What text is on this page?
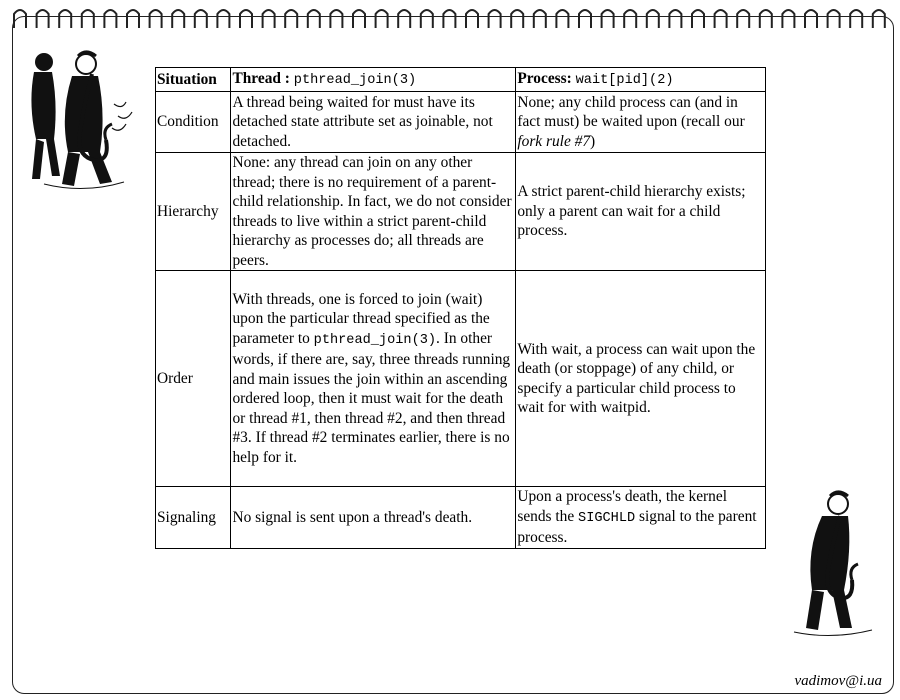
Situation	Thread : pthread_join(3)	Process: wait[pid](2)
Condition	A thread being waited for must have its detached state attribute set as joinable, not detached.	None; any child process can (and in fact must) be waited upon (recall our fork rule #7)
Hierarchy	None: any thread can join on any other thread; there is no requirement of a parent-child relationship. In fact, we do not consider threads to live within a strict parent-child hierarchy as processes do; all threads are peers.	A strict parent-child hierarchy exists; only a parent can wait for a child process.
Order	With threads, one is forced to join (wait) upon the particular thread specified as the parameter to pthread_join(3). In other words, if there are, say, three threads running and main issues the join within an ascending ordered loop, then it must wait for the death or thread #1, then thread #2, and then thread #3. If thread #2 terminates earlier, there is no help for it.	With wait, a process can wait upon the death (or stoppage) of any child, or specify a particular child process to wait for with waitpid.
Signaling	No signal is sent upon a thread's death.	Upon a process's death, the kernel sends the SIGCHLD signal to the parent process.
vadimov@i.ua
